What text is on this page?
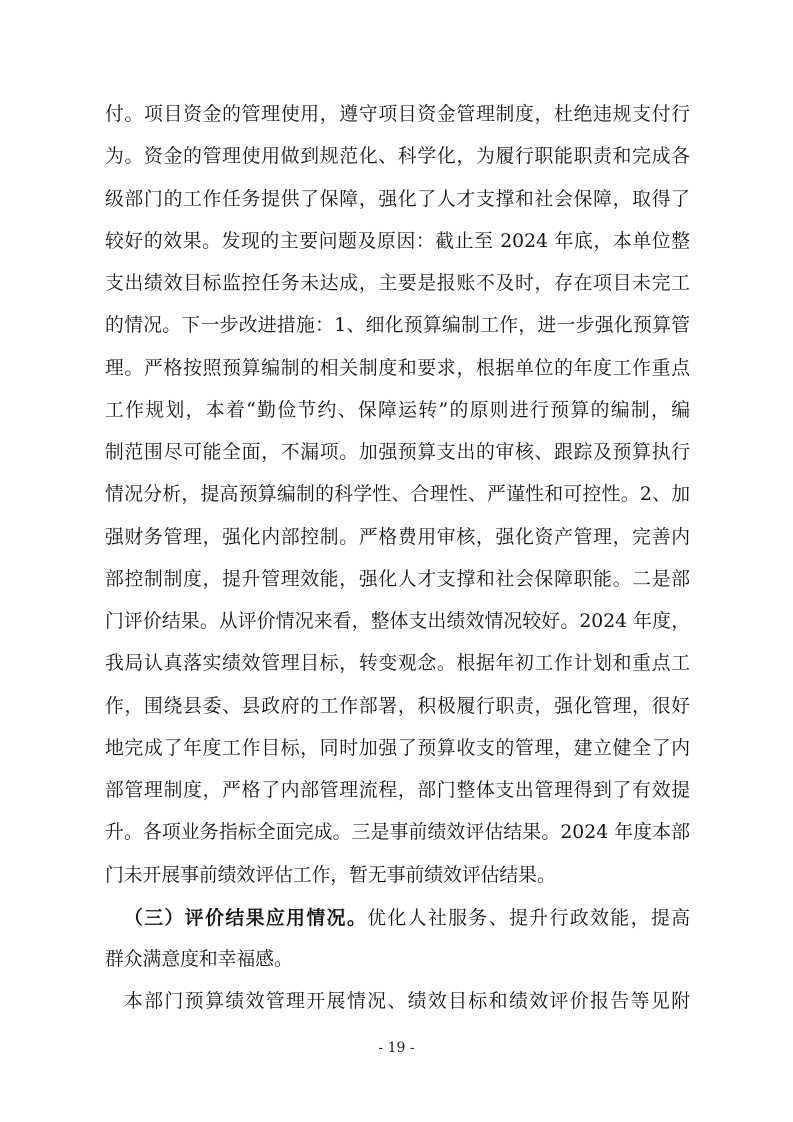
付。项目资金的管理使用，遵守项目资金管理制度，杜绝违规支付行
为。资金的管理使用做到规范化、科学化，为履行职能职责和完成各
级部门的工作任务提供了保障，强化了人才支撑和社会保障，取得了
较好的效果。发现的主要问题及原因：截止至 2024 年底，本单位整
支出绩效目标监控任务未达成，主要是报账不及时，存在项目未完工
的情况。下一步改进措施：1、细化预算编制工作，进一步强化预算管
理。严格按照预算编制的相关制度和要求，根据单位的年度工作重点
工作规划，本着“勤俭节约、保障运转”的原则进行预算的编制，编
制范围尽可能全面，不漏项。加强预算支出的审核、跟踪及预算执行
情况分析，提高预算编制的科学性、合理性、严谨性和可控性。2、加
强财务管理，强化内部控制。严格费用审核，强化资产管理，完善内
部控制制度，提升管理效能，强化人才支撑和社会保障职能。二是部
门评价结果。从评价情况来看，整体支出绩效情况较好。2024 年度，
我局认真落实绩效管理目标，转变观念。根据年初工作计划和重点工
作，围绕县委、县政府的工作部署，积极履行职责，强化管理，很好
地完成了年度工作目标，同时加强了预算收支的管理，建立健全了内
部管理制度，严格了内部管理流程，部门整体支出管理得到了有效提
升。各项业务指标全面完成。三是事前绩效评估结果。2024 年度本部
门未开展事前绩效评估工作，暂无事前绩效评估结果。
（三）评价结果应用情况。优化人社服务、提升行政效能，提高
群众满意度和幸福感。
本部门预算绩效管理开展情况、绩效目标和绩效评价报告等见附
- 19 -
